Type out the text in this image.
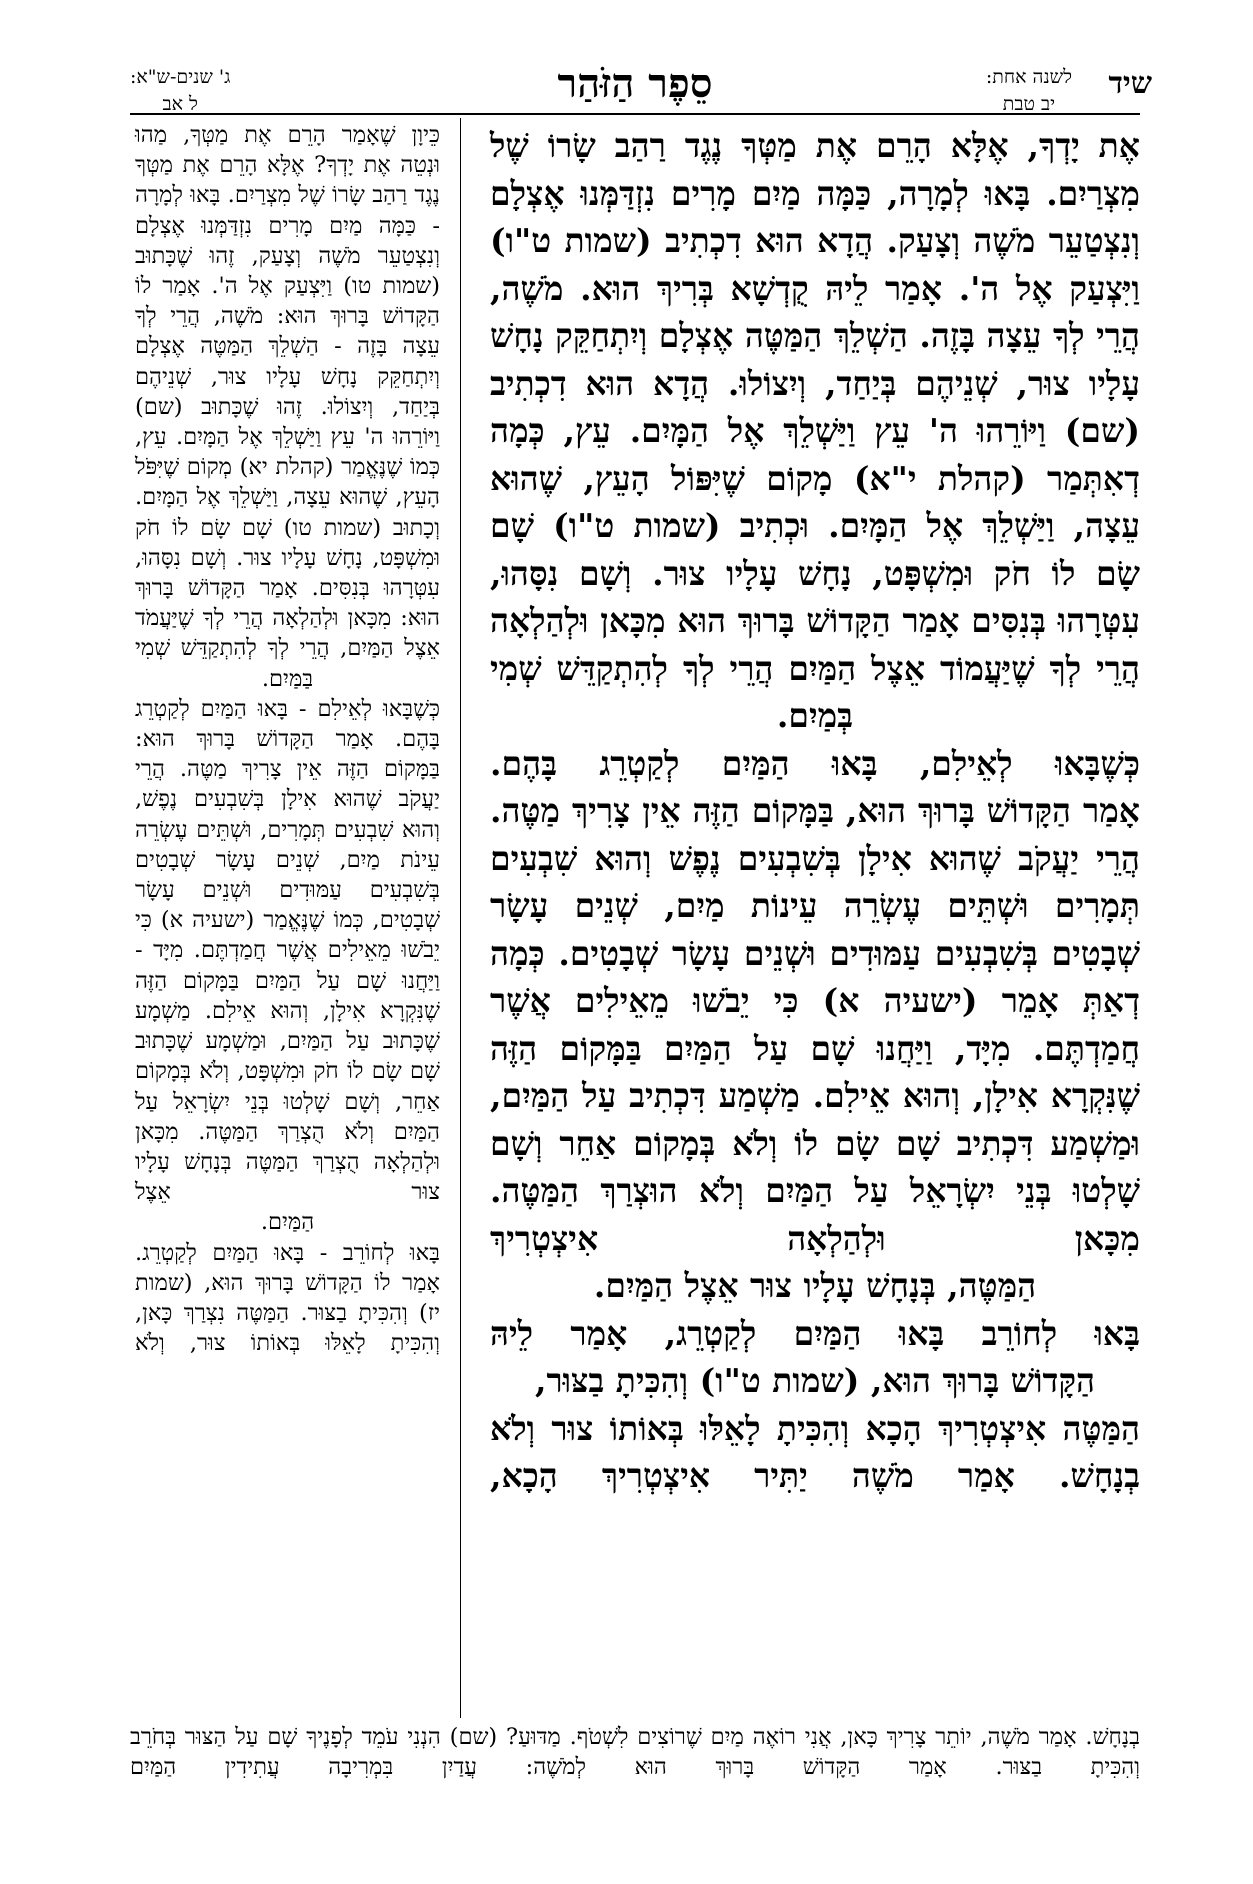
שיד
לשנה אחת:
יב טבת
סֵפֶר הַזֹּהַר
ג' שנים-ש"א:
ל אב

אֶת יָדְךָ, אֶלָּא הָרֵם אֶת מַטְּךָ נֶגֶד רַהַב שָׂרוֹ שֶׁל מִצְרַיִם. בָּאוּ לְמָרָה, כַּמָּה מַיִם מָרִים נִזְדַּמְּנוּ אֶצְלָם וְנִצְטַעֵר מֹשֶׁה וְצָעַק. הֲדָא הוּא דִכְתִיב (שמות ט"ו) וַיִּצְעַק אֶל ה'. אָמַר לֵיהּ קֻדְשָׁא בְּרִיךְ הוּא. מֹשֶׁה, הֲרֵי לְךָ עֵצָה בָּזֶה. הַשְׁלֵךְ הַמַּטֶּה אֶצְלָם וְיִתְחַקֵּק נָחָשׁ עָלָיו צוּר, שְׁנֵיהֶם בְּיַחַד, וְיִצוֹלוּ. הֲדָא הוּא דִכְתִיב (שם) וַיּוֹרֵהוּ ה' עֵץ וַיַּשְׁלֵךְ אֶל הַמָּיִם. עֵץ, כְּמָה דְאִתְּמַר (קהלת י"א) מָקוֹם שֶׁיִּפּוֹל הָעֵץ, שֶׁהוּא עֵצָה, וַיַּשְׁלֵךְ אֶל הַמָּיִם. וּכְתִיב (שמות ט"ו) שָׁם שָׂם לוֹ חֹק וּמִשְׁפָּט, נָחָשׁ עָלָיו צוּר. וְשָׁם נִסָּהוּ, עִטְּרָהוּ בְּנִסִּים אָמַר הַקָּדוֹשׁ בָּרוּךְ הוּא מִכָּאן וּלְהַלְאָה הֲרֵי לְךָ שֶׁיַּעֲמוֹד אֵצֶל הַמַּיִם הֲרֵי לְךָ לְהִתְקַדֵּשׁ שְׁמִי

בְּמַיִם.

כְּשֶׁבָּאוּ לְאֵילִם, בָּאוּ הַמַּיִם לְקַטְרֵג בָּהֶם.

אָמַר הַקָּדוֹשׁ בָּרוּךְ הוּא, בַּמָּקוֹם הַזֶּה אֵין צָרִיךְ מַטֶּה. הֲרֵי יַעֲקֹב שֶׁהוּא אִילָן בְּשִׁבְעִים נֶפֶשׁ וְהוּא שִׁבְעִים תְּמָרִים וּשְׁתֵּים עֶשְׂרֵה עֵינוֹת מַיִם, שְׁנֵים עָשָׂר שְׁבָטִים בְּשִׁבְעִים עַמּוּדִים וּשְׁנֵים עָשָׂר שְׁבָטִים. כְּמָה דְאַתְּ אָמֵר (ישעיה א) כִּי יֵבֹשׁוּ מֵאֵילִים אֲשֶׁר חֲמַדְתֶּם. מִיָּד, וַיַּחֲנוּ שָׁם עַל הַמַּיִם בַּמָּקוֹם הַזֶּה שֶׁנִּקְרָא אִילָן, וְהוּא אֵילִם. מַשְׁמַע דִּכְתִיב עַל הַמַּיִם, וּמַשְׁמַע דִּכְתִיב שָׁם שָׂם לוֹ וְלֹא בְּמָקוֹם אַחֵר וְשָׁם שָׁלְטוּ בְּנֵי יִשְׂרָאֵל עַל הַמַּיִם וְלֹא הוּצְרַךְ הַמַּטֶּה. מִכָּאן וּלְהַלְאָה אִיצְטְרִיךְ

הַמַּטֶּה, בְּנָחָשׁ עָלָיו צוּר אֵצֶל הַמַּיִם.

בָּאוּ לְחוֹרֵב בָּאוּ הַמַּיִם לְקַטְרֵג, אָמַר לֵיהּ

הַקָּדוֹשׁ בָּרוּךְ הוּא, (שמות ט"ו) וְהִכִּיתָ בַצּוּר,

הַמַּטֶּה אִיצְטְרִיךְ הָכָא וְהִכִּיתָ לָאֵלּוּ בְּאוֹתוֹ צוּר וְלֹא בְנָחָשׁ. אָמַר מֹשֶׁה יַתִּיר אִיצְטְרִיךְ הָכָא,

כֵּיוָן שֶׁאָמַר הָרֵם אֶת מַטְּךָ, מַהוּ וּנְטֵה אֶת יָדְךָ? אֶלָּא הָרֵם אֶת מַטְּךָ נֶגֶד רַהַב שָׂרוֹ שֶׁל מִצְרַיִם. בָּאוּ לְמָרָה - כַּמָּה מַיִם מָרִים נִזְדַּמְּנוּ אֶצְלָם וְנִצְטַעֵר מֹשֶׁה וְצָעַק, זֶהוּ שֶׁכָּתוּב (שמות טו) וַיִּצְעַק אֶל ה'. אָמַר לוֹ הַקָּדוֹשׁ בָּרוּךְ הוּא: מֹשֶׁה, הֲרֵי לְךָ עֵצָה בָּזֶה - הַשְׁלֵךְ הַמַּטֶּה אֶצְלָם וְיִתְחַקֵּק נָחָשׁ עָלָיו צוּר, שְׁנֵיהֶם בְּיַחַד, וְיִצוֹלוּ. זֶהוּ שֶׁכָּתוּב (שם) וַיּוֹרֵהוּ ה' עֵץ וַיַּשְׁלֵךְ אֶל הַמָּיִם. עֵץ, כְּמוֹ שֶׁנֶּאֱמַר (קהלת יא) מְקוֹם שֶׁיִּפֹּל הָעֵץ, שֶׁהוּא עֵצָה, וַיַּשְׁלֵךְ אֶל הַמָּיִם. וְכָתוּב (שמות טו) שָׁם שָׂם לוֹ חֹק וּמִשְׁפָּט, נָחָשׁ עָלָיו צוּר. וְשָׁם נִסָּהוּ, עִטְּרָהוּ בְּנִסִּים. אָמַר הַקָּדוֹשׁ בָּרוּךְ הוּא: מִכָּאן וּלְהַלְאָה הֲרֵי לְךָ שֶׁיַּעֲמֹד אֵצֶל הַמַּיִם, הֲרֵי לְךָ לְהִתְקַדֵּשׁ שְׁמִי

בַּמַּיִם.

כְּשֶׁבָּאוּ לְאֵילִם - בָּאוּ הַמַּיִם לְקַטְרֵג בָּהֶם. אָמַר הַקָּדוֹשׁ בָּרוּךְ הוּא: בַּמָּקוֹם הַזֶּה אֵין צָרִיךְ מַטֶּה. הֲרֵי יַעֲקֹב שֶׁהוּא אִילָן בְּשִׁבְעִים נֶפֶשׁ, וְהוּא שִׁבְעִים תְּמָרִים, וּשְׁתֵּים עֶשְׂרֵה עֵינֹת מַיִם, שְׁנֵים עָשָׂר שְׁבָטִים בְּשִׁבְעִים עַמּוּדִים וּשְׁנֵים עָשָׂר שְׁבָטִים, כְּמוֹ שֶׁנֶּאֱמַר (ישעיה א) כִּי יֵבֹשׁוּ מֵאֵילִים אֲשֶׁר חֲמַדְתֶּם. מִיָּד - וַיַּחֲנוּ שָׁם עַל הַמַּיִם בַּמָּקוֹם הַזֶּה שֶׁנִּקְרָא אִילָן, וְהוּא אֵילִם. מַשְׁמָע שֶׁכָּתוּב עַל הַמַּיִם, וּמַשְׁמָע שֶׁכָּתוּב שָׁם שָׂם לוֹ חֹק וּמִשְׁפָּט, וְלֹא בְּמָקוֹם אַחֵר, וְשָׁם שָׁלְטוּ בְּנֵי יִשְׂרָאֵל עַל הַמַּיִם וְלֹא הֻצְרַךְ הַמַּטֶּה. מִכָּאן וּלְהַלְאָה הֻצְרַךְ הַמַּטֶּה בְּנָחָשׁ עָלָיו צוּר אֵצֶל

הַמַּיִם.

בָּאוּ לְחוֹרֵב - בָּאוּ הַמַּיִם לְקַטְרֵג. אָמַר לוֹ הַקָּדוֹשׁ בָּרוּךְ הוּא, (שמות יז) וְהִכִּיתָ בַצּוּר. הַמַּטֶּה נִצְרַךְ כָּאן, וְהִכִּיתָ לָאֵלּוּ בְּאוֹתוֹ צוּר, וְלֹא

בְנָחָשׁ. אָמַר מֹשֶׁה, יוֹתֵר צָרִיךְ כָּאן, אֲנִי רוֹאֶה מַיִם שֶׁרוֹצִים לִשְׁטֹף. מַדּוּעַ? (שם) הִנְנִי עֹמֵד לְפָנֶיךָ שָׁם עַל הַצּוּר בְּחֹרֵב וְהִכִּיתָ בַצּוּר. אָמַר הַקָּדוֹשׁ בָּרוּךְ הוּא לְמֹשֶׁה: עֲדַיִן בִּמְרִיבָה עֲתִידִין הַמַּיִם
